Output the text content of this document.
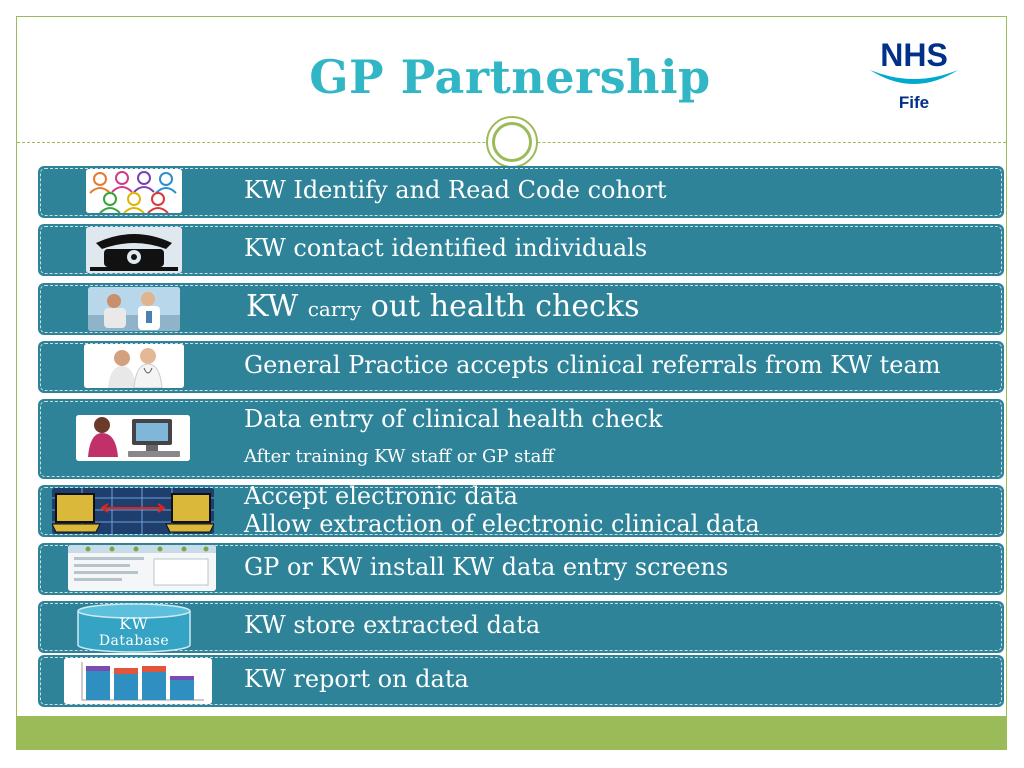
GP Partnership	NHS
Fife
KW Identify and Read Code cohort
KW contact identified individuals
KW carry out health checks
General Practice accepts clinical referrals from KW team
Data entry of clinical health check
After training KW staff or GP staff
Accept electronic data
Allow extraction of electronic clinical data
GP or KW install KW data entry screens
KW
Database
KW store extracted data
KW report on data
